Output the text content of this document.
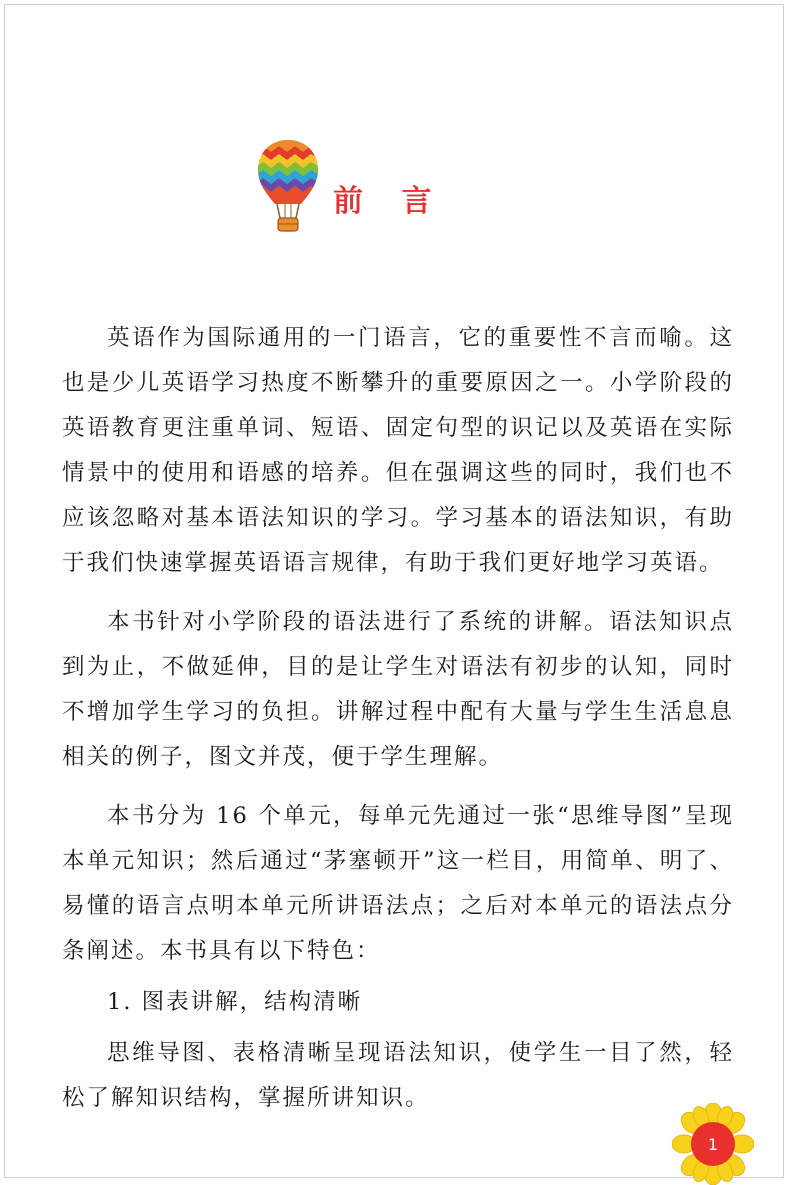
前 言

英语作为国际通用的一门语言，它的重要性不言而喻。这也是少儿英语学习热度不断攀升的重要原因之一。小学阶段的英语教育更注重单词、短语、固定句型的识记以及英语在实际情景中的使用和语感的培养。但在强调这些的同时，我们也不应该忽略对基本语法知识的学习。学习基本的语法知识，有助于我们快速掌握英语语言规律，有助于我们更好地学习英语。

本书针对小学阶段的语法进行了系统的讲解。语法知识点到为止，不做延伸，目的是让学生对语法有初步的认知，同时不增加学生学习的负担。讲解过程中配有大量与学生生活息息相关的例子，图文并茂，便于学生理解。

本书分为 16 个单元，每单元先通过一张“思维导图”呈现本单元知识；然后通过“茅塞顿开”这一栏目，用简单、明了、易懂的语言点明本单元所讲语法点；之后对本单元的语法点分条阐述。本书具有以下特色：

1. 图表讲解，结构清晰

思维导图、表格清晰呈现语法知识，使学生一目了然，轻松了解知识结构，掌握所讲知识。

1
